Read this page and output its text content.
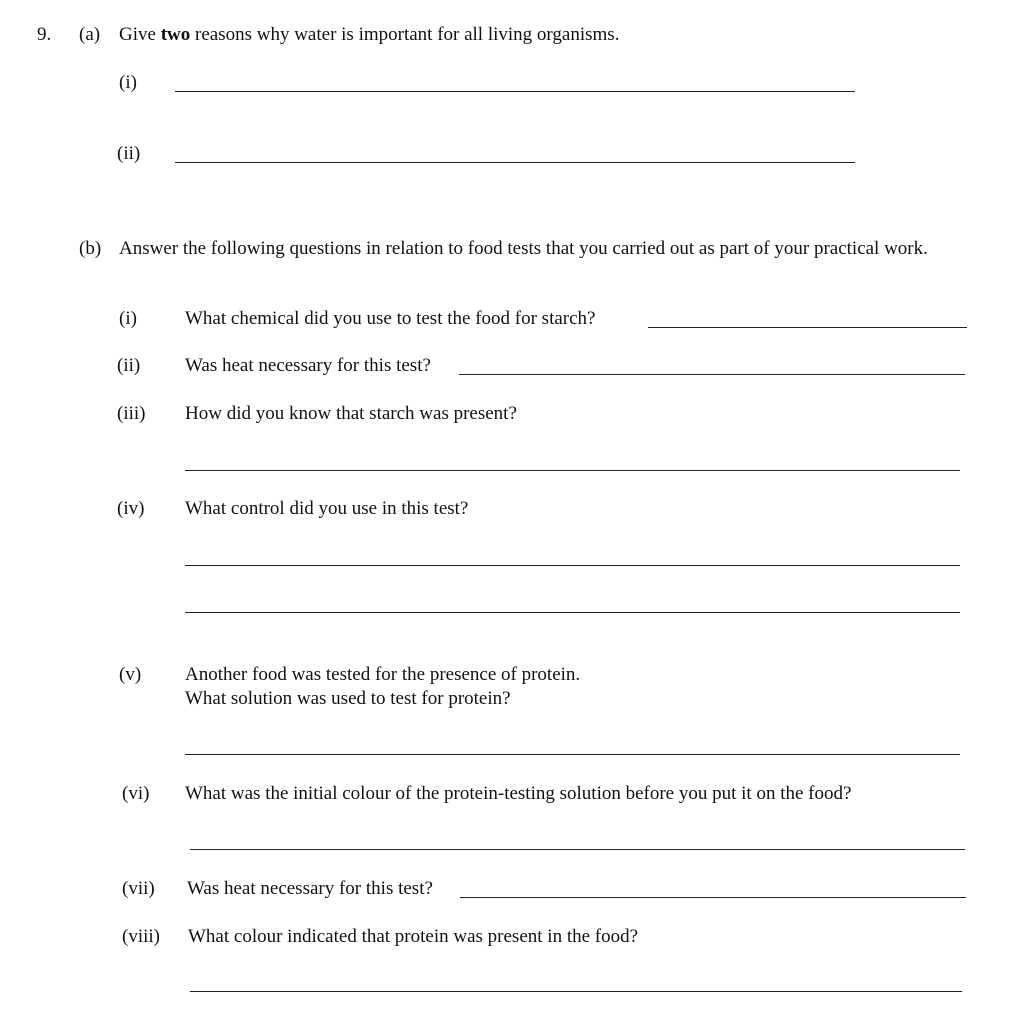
9. (a) Give two reasons why water is important for all living organisms.
(i)
(ii)
(b) Answer the following questions in relation to food tests that you carried out as part of your practical work.
(i)	What chemical did you use to test the food for starch?
(ii) Was heat necessary for this test?
(iii) How did you know that starch was present?
(iv) What control did you use in this test?
(v) Another food was tested for the presence of protein.
What solution was used to test for protein?
(vi) What was the initial colour of the protein-testing solution before you put it on the food?
(vii) Was heat necessary for this test?
(viii) What colour indicated that protein was present in the food?
